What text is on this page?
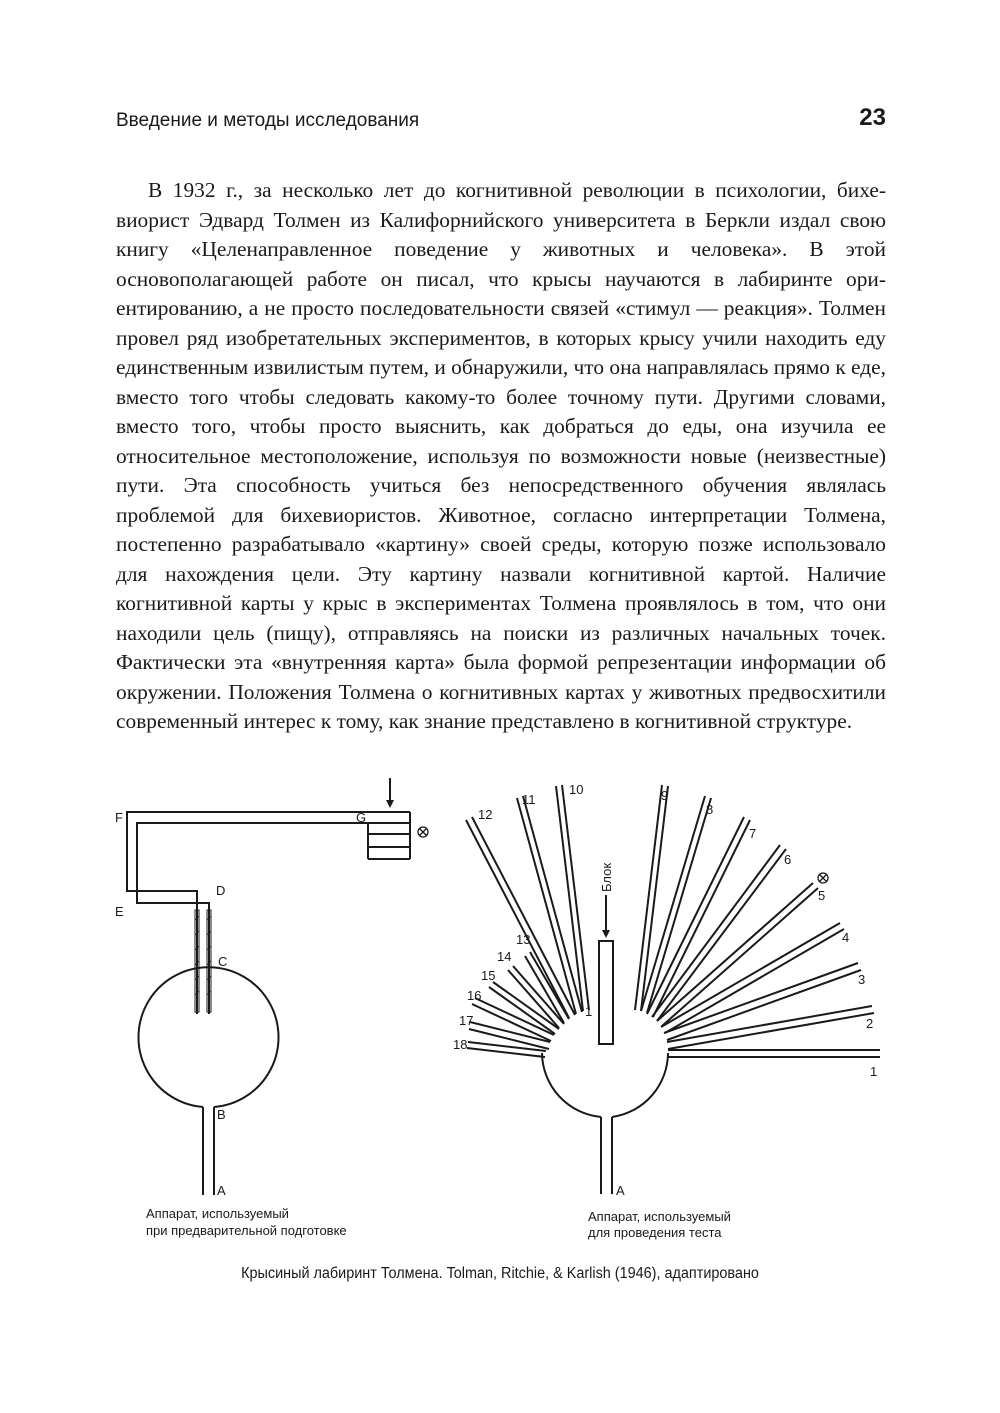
Введение и методы исследования	23

В 1932 г., за несколько лет до когнитивной революции в психологии, бихевиорист Эдвард Толмен из Калифорнийского университета в Беркли издал свою книгу «Целенаправленное поведение у животных и человека». В этой основополагающей работе он писал, что крысы научаются в лабиринте ориентированию, а не просто последовательности связей «стимул — реакция». Толмен провел ряд изобретательных экспериментов, в которых крысу учили находить еду единственным извилистым путем, и обнаружили, что она направлялась прямо к еде, вместо того чтобы следовать какому-то более точному пути. Другими словами, вместо того, чтобы просто выяснить, как добраться до еды, она изучила ее относительное местоположение, используя по возможности новые (неизвестные) пути. Эта способность учиться без непосредственного обучения являлась проблемой для бихевиористов. Животное, согласно интерпретации Толмена, постепенно разрабатывало «картину» своей среды, которую позже использовало для нахождения цели. Эту картину назвали когнитивной картой. Наличие когнитивной карты у крыс в экспериментах Толмена проявлялось в том, что они находили цель (пищу), отправляясь на поиски из различных начальных точек. Фактически эта «внутренняя карта» была формой репрезентации информации об окружении. Положения Толмена о когнитивных картах у животных предвосхитили современный интерес к тому, как знание представлено в когнитивной структуре.

A
B
C
D
E
F	G
Аппарат, используемый
при предварительной подготовке
1
2
3
4
5
6
7
8
9
10
11
12
13
14
15
16
17
18
1
Блок
A
Аппарат, используемый
для проведения теста
Крысиный лабиринт Толмена. Tolman, Ritchie, & Karlish (1946), адаптировано
